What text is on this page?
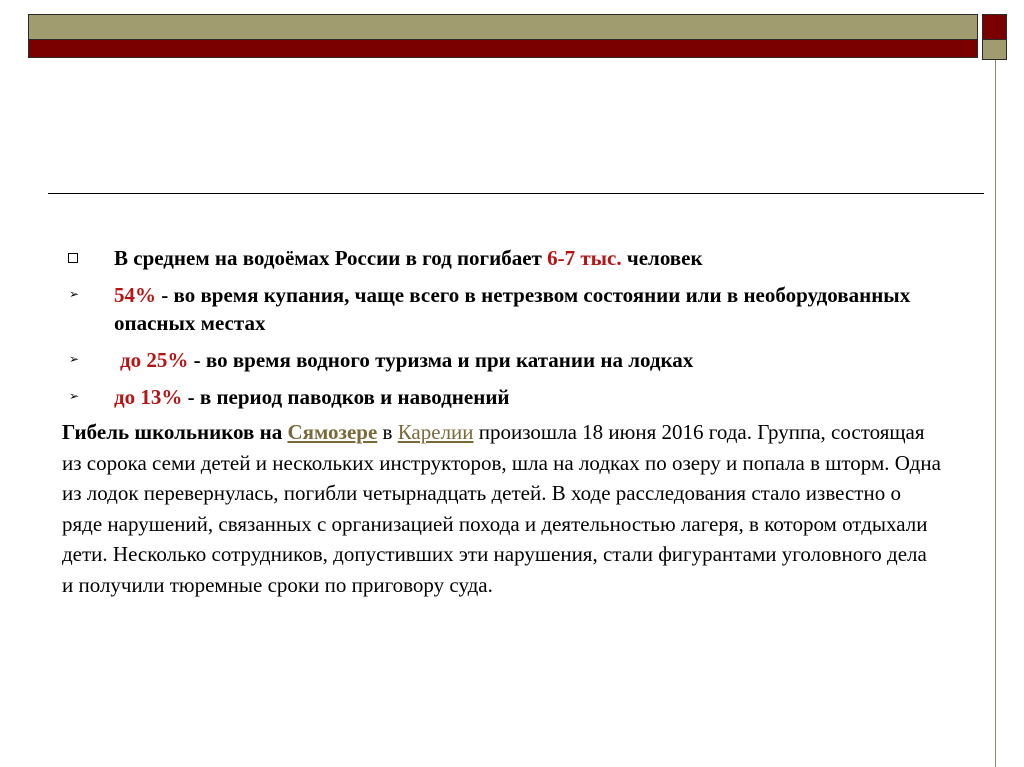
В среднем на водоёмах России в год погибает 6-7 тыс. человек
➢ 54% - во время купания, чаще всего в нетрезвом состоянии или в необорудованных опасных местах
➢ до 25% - во время водного туризма и при катании на лодках
➢ до 13% - в период паводков и наводнений
Гибель школьников на Сямозере в Карелии произошла 18 июня 2016 года. Группа, состоящая из сорока семи детей и нескольких инструкторов, шла на лодках по озеру и попала в шторм. Одна из лодок перевернулась, погибли четырнадцать детей. В ходе расследования стало известно о ряде нарушений, связанных с организацией похода и деятельностью лагеря, в котором отдыхали дети. Несколько сотрудников, допустивших эти нарушения, стали фигурантами уголовного дела и получили тюремные сроки по приговору суда.
